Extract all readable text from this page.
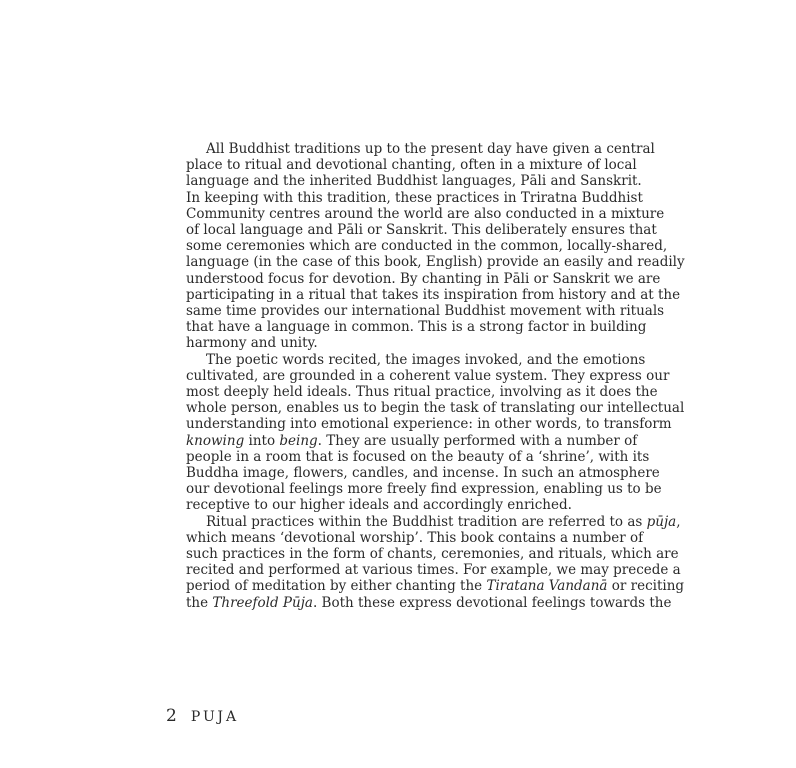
All Buddhist traditions up to the present day have given a central
place to ritual and devotional chanting, often in a mixture of local
language and the inherited Buddhist languages, Pāli and Sanskrit.
In keeping with this tradition, these practices in Triratna Buddhist
Community centres around the world are also conducted in a mixture
of local language and Pāli or Sanskrit. This deliberately ensures that
some ceremonies which are conducted in the common, locally-shared,
language (in the case of this book, English) provide an easily and readily
understood focus for devotion. By chanting in Pāli or Sanskrit we are
participating in a ritual that takes its inspiration from history and at the
same time provides our international Buddhist movement with rituals
that have a language in common. This is a strong factor in building
harmony and unity.
The poetic words recited, the images invoked, and the emotions
cultivated, are grounded in a coherent value system. They express our
most deeply held ideals. Thus ritual practice, involving as it does the
whole person, enables us to begin the task of translating our intellectual
understanding into emotional experience: in other words, to transform
knowing into being. They are usually performed with a number of
people in a room that is focused on the beauty of a ‘shrine’, with its
Buddha image, flowers, candles, and incense. In such an atmosphere
our devotional feelings more freely find expression, enabling us to be
receptive to our higher ideals and accordingly enriched.
Ritual practices within the Buddhist tradition are referred to as pūja,
which means ‘devotional worship’. This book contains a number of
such practices in the form of chants, ceremonies, and rituals, which are
recited and performed at various times. For example, we may precede a
period of meditation by either chanting the Tiratana Vandanā or reciting
the Threefold Pūja. Both these express devotional feelings towards the
2 PUJA
